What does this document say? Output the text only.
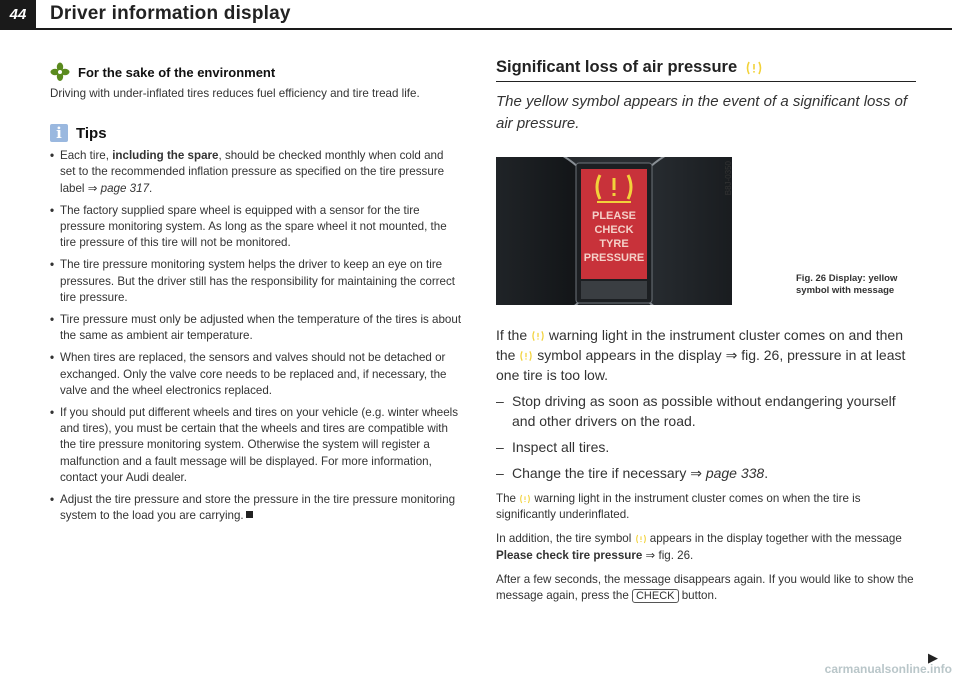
44	Driver information display
For the sake of the environment

Driving with under-inflated tires reduces fuel efficiency and tire tread life.

i Tips
• Each tire, including the spare, should be checked monthly when cold and set to the recommended inflation pressure as specified on the tire pressure label ⇒ page 317.
• The factory supplied spare wheel is equipped with a sensor for the tire pressure monitoring system. As long as the spare wheel it not mounted, the tire pressure of this tire will not be monitored.
• The tire pressure monitoring system helps the driver to keep an eye on tire pressures. But the driver still has the responsibility for maintaining the correct tire pressure.
• Tire pressure must only be adjusted when the temperature of the tires is about the same as ambient air temperature.
• When tires are replaced, the sensors and valves should not be detached or exchanged. Only the valve core needs to be replaced and, if necessary, the valve and the wheel electronics replaced.
• If you should put different wheels and tires on your vehicle (e.g. winter wheels and tires), you must be certain that the wheels and tires are compatible with the tire pressure monitoring system. Otherwise the system will register a malfunction and a fault message will be displayed. For more information, contact your Audi dealer.
• Adjust the tire pressure and store the pressure in the tire pressure monitoring system to the load you are carrying.
Significant loss of air pressure

The yellow symbol appears in the event of a significant loss of air pressure.

PLEASE
CHECK
TYRE
PRESSURE
B8J-0350
Fig. 26 Display: yellow symbol with message

If the  warning light in the instrument cluster comes on and then the  symbol appears in the display ⇒ fig. 26, pressure in at least one tire is too low.

– Stop driving as soon as possible without endangering yourself and other drivers on the road.
– Inspect all tires.
– Change the tire if necessary ⇒ page 338.

The  warning light in the instrument cluster comes on when the tire is significantly underinflated.

In addition, the tire symbol  appears in the display together with the message Please check tire pressure ⇒ fig. 26.

After a few seconds, the message disappears again. If you would like to show the message again, press the CHECK button.

▶
carmanualsonline.info
